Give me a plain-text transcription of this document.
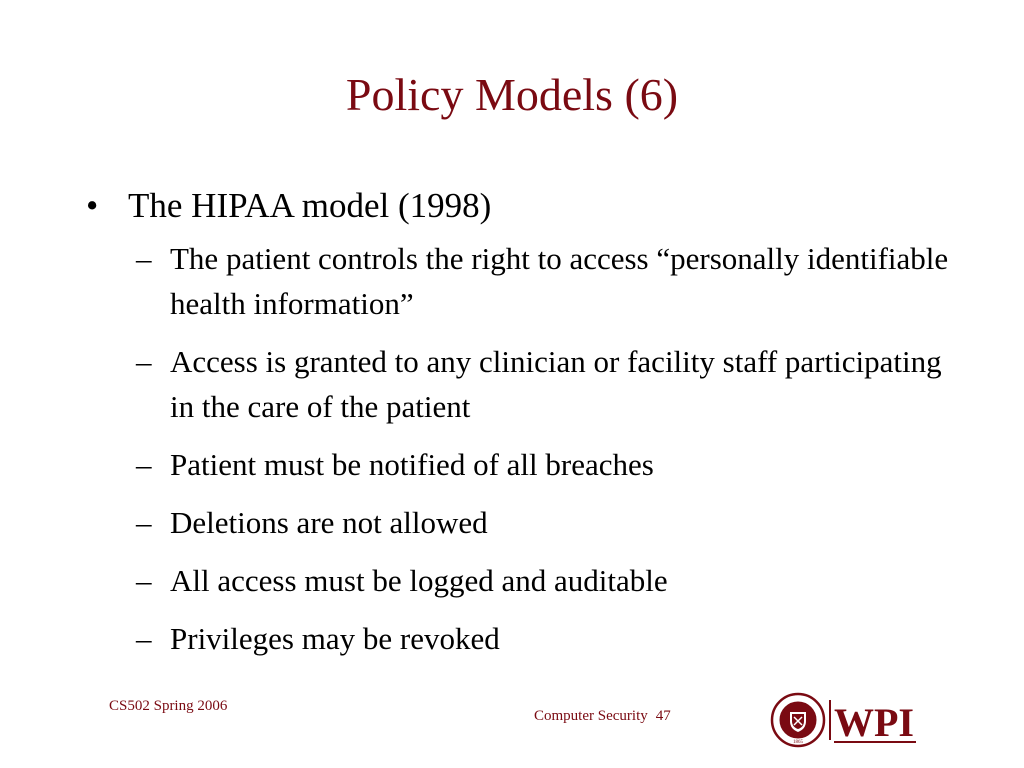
Policy Models (6)
• The HIPAA model (1998)
– The patient controls the right to access “personally identifiable health information”
– Access is granted to any clinician or facility staff participating in the care of the patient
– Patient must be notified of all breaches
– Deletions are not allowed
– All access must be logged and auditable
– Privileges may be revoked
CS502 Spring 2006
Computer Security 47
1865 WPI
